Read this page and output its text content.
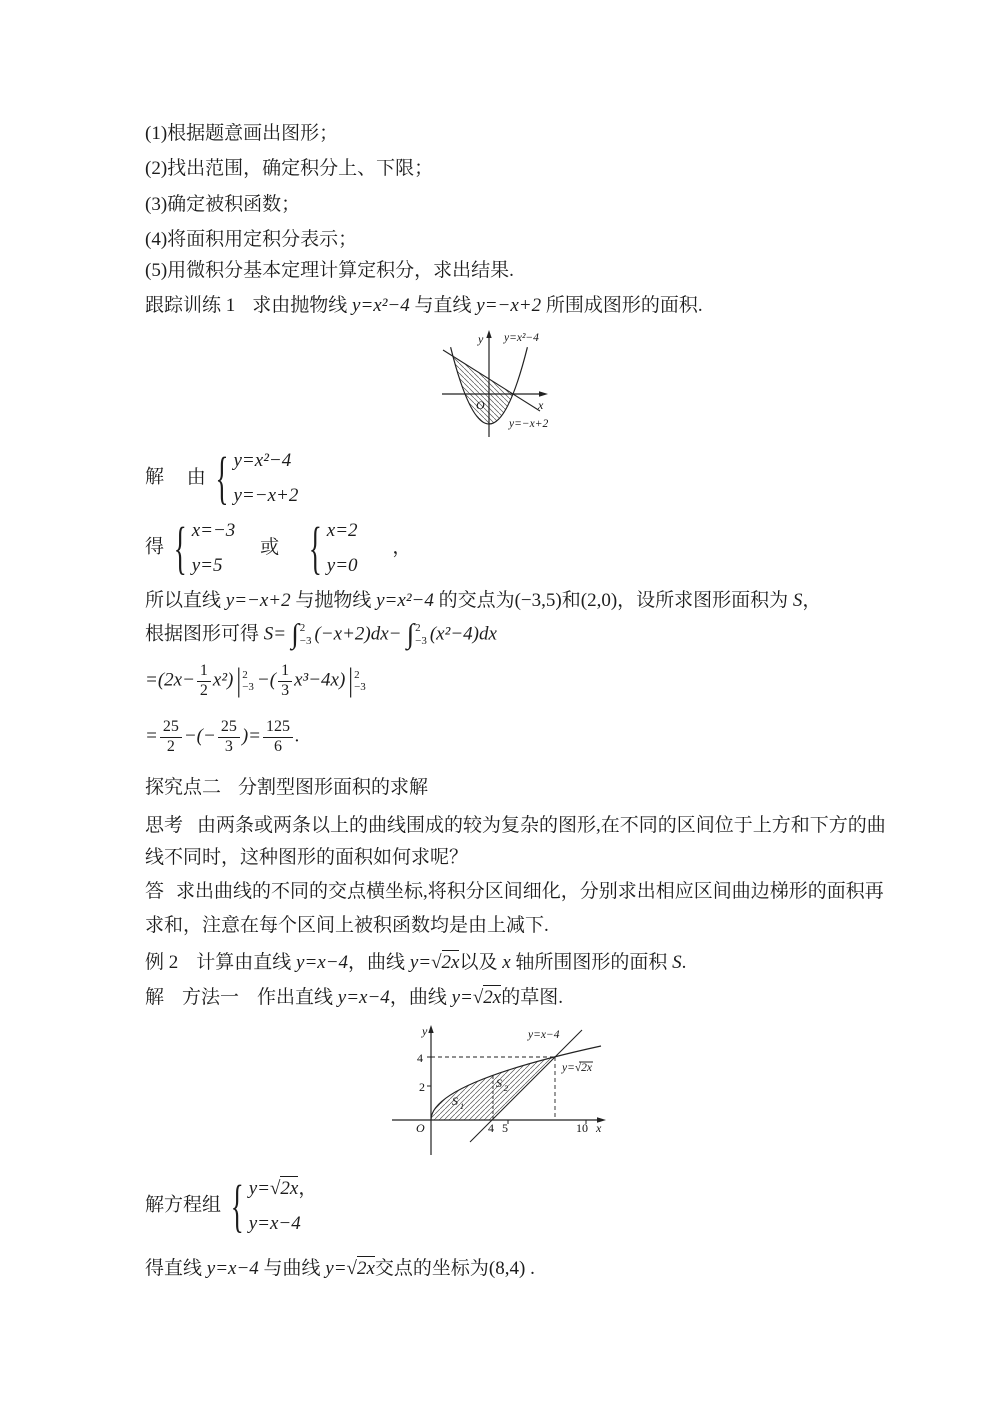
(1)根据题意画出图形；
(2)找出范围，确定积分上、下限；
(3)确定被积函数；
(4)将面积用定积分表示；
(5)用微积分基本定理计算定积分，求出结果.
跟踪训练 1 求由抛物线 y=x²−4 与直线 y=−x+2 所围成图形的面积.
y
x
O
y=x²−4
y=−x+2
解 由 { y=x²−4
y=−x+2
得 { x=−3
y=5
或 { x=2
y=0
，
所以直线 y=−x+2 与抛物线 y=x²−4 的交点为(−3,5)和(2,0)，设所求图形面积为 S，
根据图形可得 S= ∫ 2
−3 (−x+2)dx− ∫ 2
−3 (x²−4)dx
$=(2x- \frac{1}{2} x^2)$ | 2
−3 −( $\frac{1}{3} x^3-4x$) | 2
−3
= $\frac{25}{2}$ −(− $\frac{25}{3}$ )= $\frac{125}{6}$ .
探究点二 分割型图形面积的求解
思考 由两条或两条以上的曲线围成的较为复杂的图形,在不同的区间位于上方和下方的曲
线不同时，这种图形的面积如何求呢？
答 求出曲线的不同的交点横坐标,将积分区间细化，分别求出相应区间曲边梯形的面积再
求和，注意在每个区间上被积函数均是由上减下.
例 2 计算由直线 y=x−4，曲线 y=√2x以及 x 轴所围图形的面积 S.
解 方法一 作出直线 y=x−4，曲线 y=√2x的草图.
y
x
O
4
2
4 5	10
S 1
S 2
y=x−4
y=√2x
解方程组 { y=√2x，
y=x−4
得直线 y=x−4 与曲线 y=√2x交点的坐标为(8,4) .
